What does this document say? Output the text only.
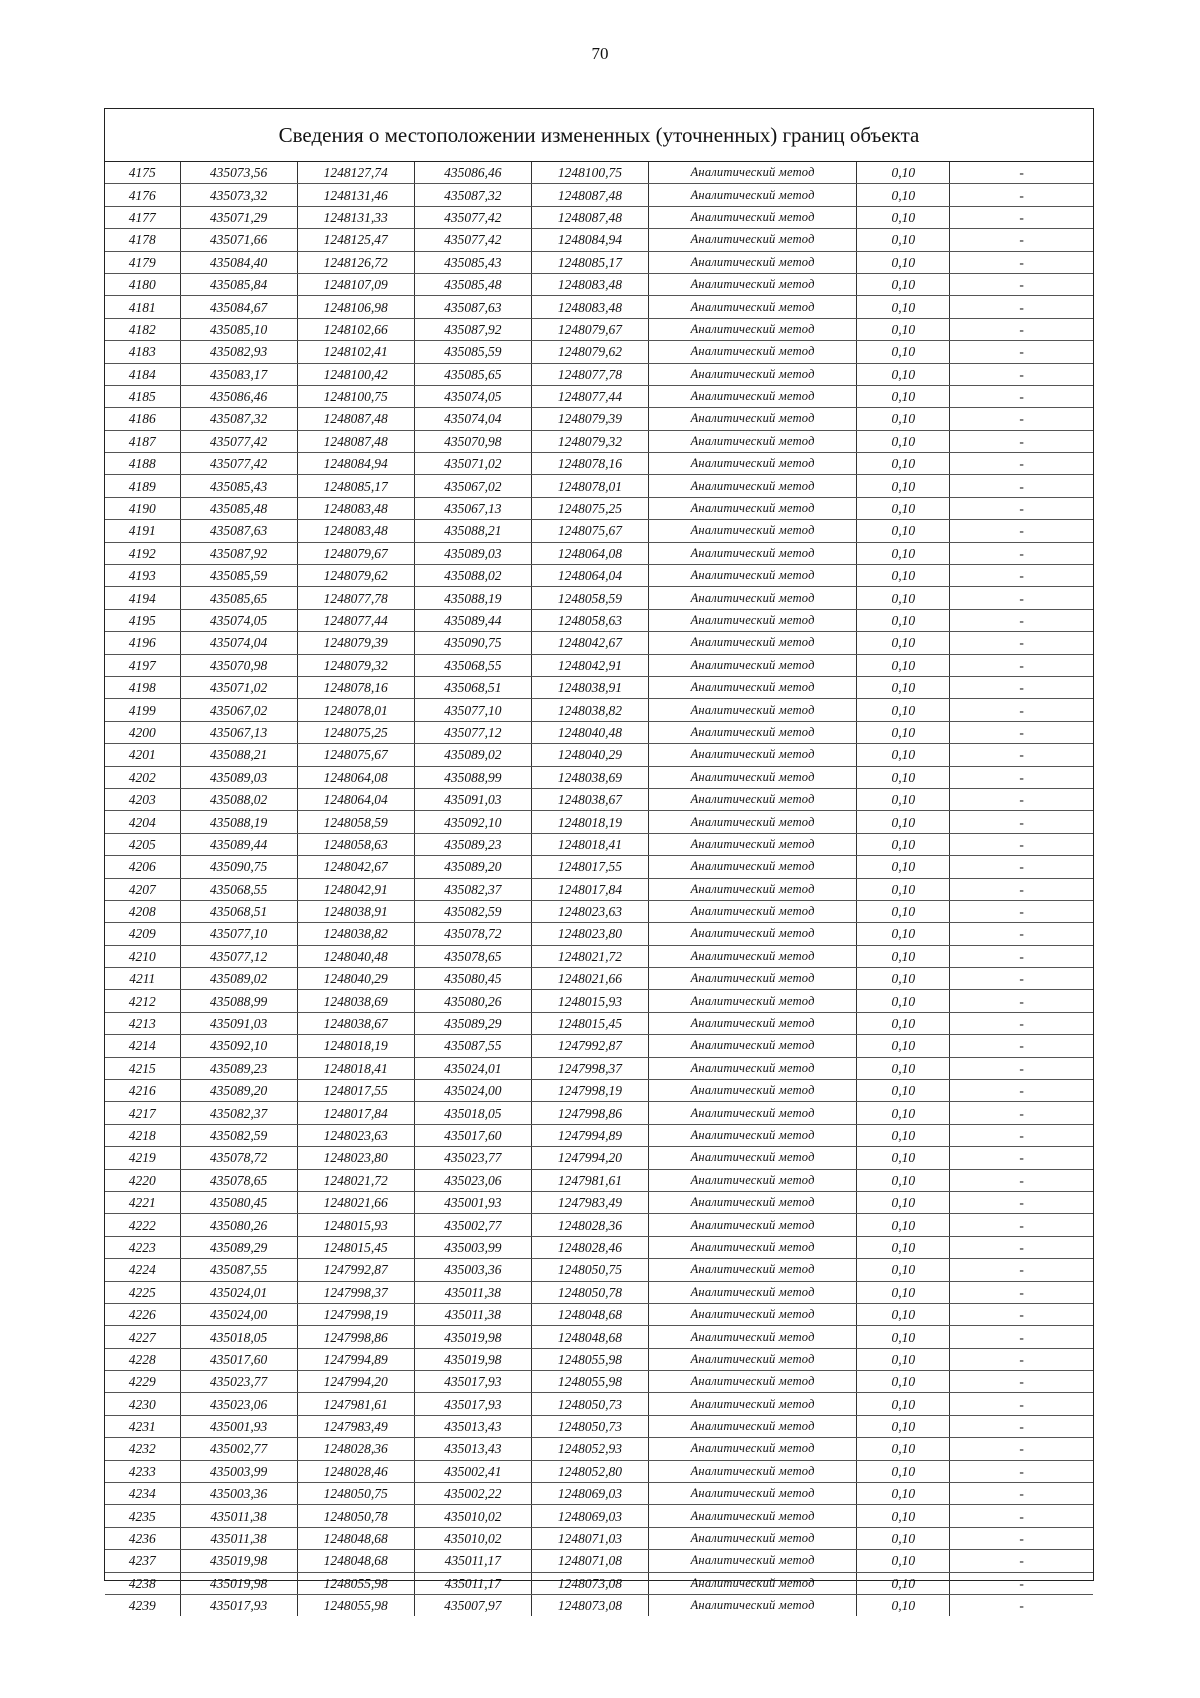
70
Сведения о местоположении измененных (уточненных) границ объекта
4175	435073,56	1248127,74	435086,46	1248100,75	Аналитический метод	0,10	-
4176	435073,32	1248131,46	435087,32	1248087,48	Аналитический метод	0,10	-
4177	435071,29	1248131,33	435077,42	1248087,48	Аналитический метод	0,10	-
4178	435071,66	1248125,47	435077,42	1248084,94	Аналитический метод	0,10	-
4179	435084,40	1248126,72	435085,43	1248085,17	Аналитический метод	0,10	-
4180	435085,84	1248107,09	435085,48	1248083,48	Аналитический метод	0,10	-
4181	435084,67	1248106,98	435087,63	1248083,48	Аналитический метод	0,10	-
4182	435085,10	1248102,66	435087,92	1248079,67	Аналитический метод	0,10	-
4183	435082,93	1248102,41	435085,59	1248079,62	Аналитический метод	0,10	-
4184	435083,17	1248100,42	435085,65	1248077,78	Аналитический метод	0,10	-
4185	435086,46	1248100,75	435074,05	1248077,44	Аналитический метод	0,10	-
4186	435087,32	1248087,48	435074,04	1248079,39	Аналитический метод	0,10	-
4187	435077,42	1248087,48	435070,98	1248079,32	Аналитический метод	0,10	-
4188	435077,42	1248084,94	435071,02	1248078,16	Аналитический метод	0,10	-
4189	435085,43	1248085,17	435067,02	1248078,01	Аналитический метод	0,10	-
4190	435085,48	1248083,48	435067,13	1248075,25	Аналитический метод	0,10	-
4191	435087,63	1248083,48	435088,21	1248075,67	Аналитический метод	0,10	-
4192	435087,92	1248079,67	435089,03	1248064,08	Аналитический метод	0,10	-
4193	435085,59	1248079,62	435088,02	1248064,04	Аналитический метод	0,10	-
4194	435085,65	1248077,78	435088,19	1248058,59	Аналитический метод	0,10	-
4195	435074,05	1248077,44	435089,44	1248058,63	Аналитический метод	0,10	-
4196	435074,04	1248079,39	435090,75	1248042,67	Аналитический метод	0,10	-
4197	435070,98	1248079,32	435068,55	1248042,91	Аналитический метод	0,10	-
4198	435071,02	1248078,16	435068,51	1248038,91	Аналитический метод	0,10	-
4199	435067,02	1248078,01	435077,10	1248038,82	Аналитический метод	0,10	-
4200	435067,13	1248075,25	435077,12	1248040,48	Аналитический метод	0,10	-
4201	435088,21	1248075,67	435089,02	1248040,29	Аналитический метод	0,10	-
4202	435089,03	1248064,08	435088,99	1248038,69	Аналитический метод	0,10	-
4203	435088,02	1248064,04	435091,03	1248038,67	Аналитический метод	0,10	-
4204	435088,19	1248058,59	435092,10	1248018,19	Аналитический метод	0,10	-
4205	435089,44	1248058,63	435089,23	1248018,41	Аналитический метод	0,10	-
4206	435090,75	1248042,67	435089,20	1248017,55	Аналитический метод	0,10	-
4207	435068,55	1248042,91	435082,37	1248017,84	Аналитический метод	0,10	-
4208	435068,51	1248038,91	435082,59	1248023,63	Аналитический метод	0,10	-
4209	435077,10	1248038,82	435078,72	1248023,80	Аналитический метод	0,10	-
4210	435077,12	1248040,48	435078,65	1248021,72	Аналитический метод	0,10	-
4211	435089,02	1248040,29	435080,45	1248021,66	Аналитический метод	0,10	-
4212	435088,99	1248038,69	435080,26	1248015,93	Аналитический метод	0,10	-
4213	435091,03	1248038,67	435089,29	1248015,45	Аналитический метод	0,10	-
4214	435092,10	1248018,19	435087,55	1247992,87	Аналитический метод	0,10	-
4215	435089,23	1248018,41	435024,01	1247998,37	Аналитический метод	0,10	-
4216	435089,20	1248017,55	435024,00	1247998,19	Аналитический метод	0,10	-
4217	435082,37	1248017,84	435018,05	1247998,86	Аналитический метод	0,10	-
4218	435082,59	1248023,63	435017,60	1247994,89	Аналитический метод	0,10	-
4219	435078,72	1248023,80	435023,77	1247994,20	Аналитический метод	0,10	-
4220	435078,65	1248021,72	435023,06	1247981,61	Аналитический метод	0,10	-
4221	435080,45	1248021,66	435001,93	1247983,49	Аналитический метод	0,10	-
4222	435080,26	1248015,93	435002,77	1248028,36	Аналитический метод	0,10	-
4223	435089,29	1248015,45	435003,99	1248028,46	Аналитический метод	0,10	-
4224	435087,55	1247992,87	435003,36	1248050,75	Аналитический метод	0,10	-
4225	435024,01	1247998,37	435011,38	1248050,78	Аналитический метод	0,10	-
4226	435024,00	1247998,19	435011,38	1248048,68	Аналитический метод	0,10	-
4227	435018,05	1247998,86	435019,98	1248048,68	Аналитический метод	0,10	-
4228	435017,60	1247994,89	435019,98	1248055,98	Аналитический метод	0,10	-
4229	435023,77	1247994,20	435017,93	1248055,98	Аналитический метод	0,10	-
4230	435023,06	1247981,61	435017,93	1248050,73	Аналитический метод	0,10	-
4231	435001,93	1247983,49	435013,43	1248050,73	Аналитический метод	0,10	-
4232	435002,77	1248028,36	435013,43	1248052,93	Аналитический метод	0,10	-
4233	435003,99	1248028,46	435002,41	1248052,80	Аналитический метод	0,10	-
4234	435003,36	1248050,75	435002,22	1248069,03	Аналитический метод	0,10	-
4235	435011,38	1248050,78	435010,02	1248069,03	Аналитический метод	0,10	-
4236	435011,38	1248048,68	435010,02	1248071,03	Аналитический метод	0,10	-
4237	435019,98	1248048,68	435011,17	1248071,08	Аналитический метод	0,10	-
4238	435019,98	1248055,98	435011,17	1248073,08	Аналитический метод	0,10	-
4239	435017,93	1248055,98	435007,97	1248073,08	Аналитический метод	0,10	-
